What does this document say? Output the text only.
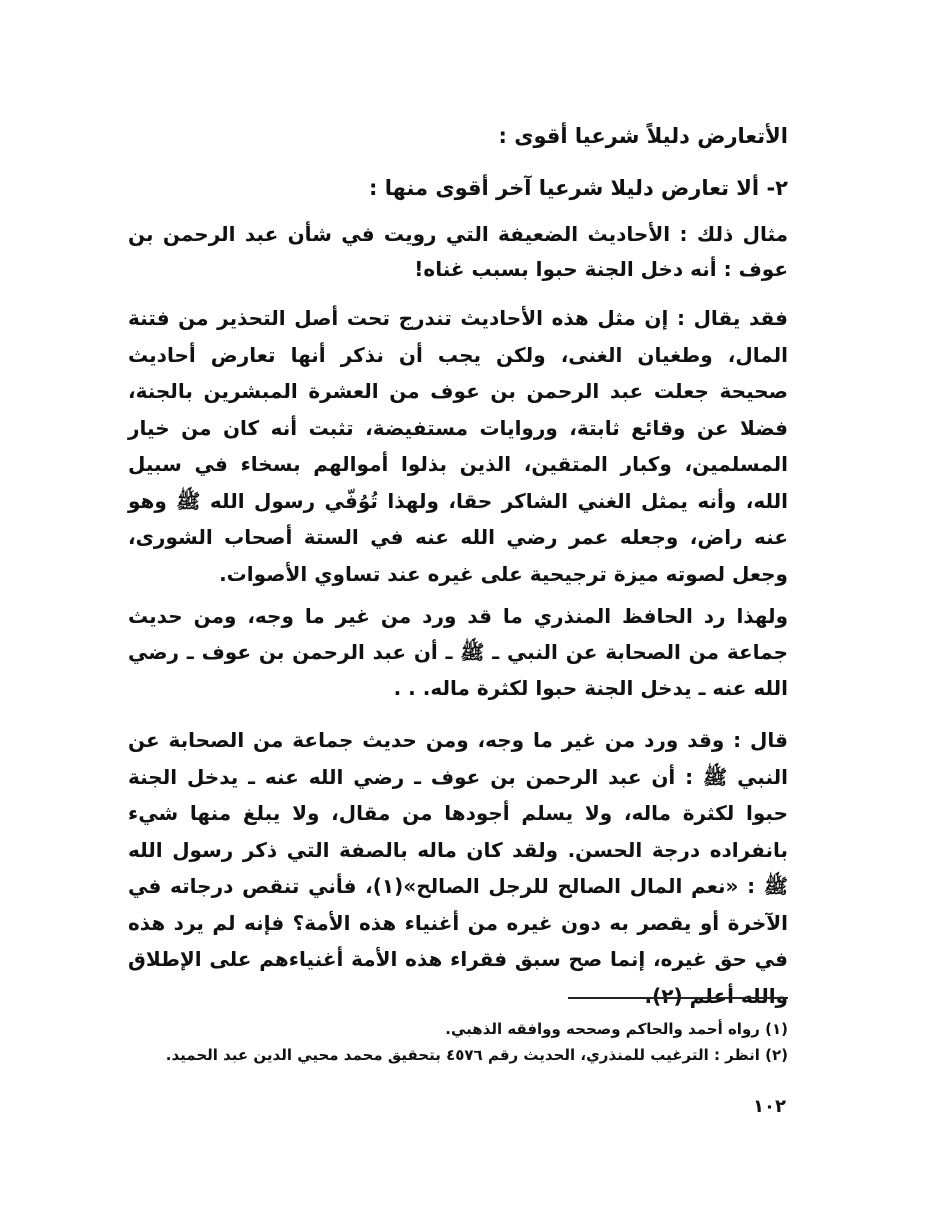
الأتعارض دليلاً شرعيا أقوى :
٢- ألا تعارض دليلا شرعيا آخر أقوى منها :
مثال ذلك : الأحاديث الضعيفة التي رويت في شأن عبد الرحمن بن عوف : أنه دخل الجنة حبوا بسبب غناه!
فقد يقال : إن مثل هذه الأحاديث تندرج تحت أصل التحذير من فتنة المال، وطغيان الغنى، ولكن يجب أن نذكر أنها تعارض أحاديث صحيحة جعلت عبد الرحمن بن عوف من العشرة المبشرين بالجنة، فضلا عن وقائع ثابتة، وروايات مستفيضة، تثبت أنه كان من خيار المسلمين، وكبار المتقين، الذين بذلوا أموالهم بسخاء في سبيل الله، وأنه يمثل الغني الشاكر حقا، ولهذا تُوُفّي رسول الله ﷺ وهو عنه راض، وجعله عمر رضي الله عنه في الستة أصحاب الشورى، وجعل لصوته ميزة ترجيحية على غيره عند تساوي الأصوات.
ولهذا رد الحافظ المنذري ما قد ورد من غير ما وجه، ومن حديث جماعة من الصحابة عن النبي ـ ﷺ ـ أن عبد الرحمن بن عوف ـ رضي الله عنه ـ يدخل الجنة حبوا لكثرة ماله. . .
قال : وقد ورد من غير ما وجه، ومن حديث جماعة من الصحابة عن النبي ﷺ : أن عبد الرحمن بن عوف ـ رضي الله عنه ـ يدخل الجنة حبوا لكثرة ماله، ولا يسلم أجودها من مقال، ولا يبلغ منها شيء بانفراده درجة الحسن. ولقد كان ماله بالصفة التي ذكر رسول الله ﷺ : «نعم المال الصالح للرجل الصالح»(١)، فأني تنقص درجاته في الآخرة أو يقصر به دون غيره من أغنياء هذه الأمة؟ فإنه لم يرد هذه في حق غيره، إنما صح سبق فقراء هذه الأمة أغنياءهم على الإطلاق والله أعلم (٢).
(١) رواه أحمد والحاكم وصححه ووافقه الذهبي.
(٢) انظر : الترغيب للمنذري، الحديث رقم ٤٥٧٦ بتحقيق محمد محيي الدين عبد الحميد.
١٠٢
